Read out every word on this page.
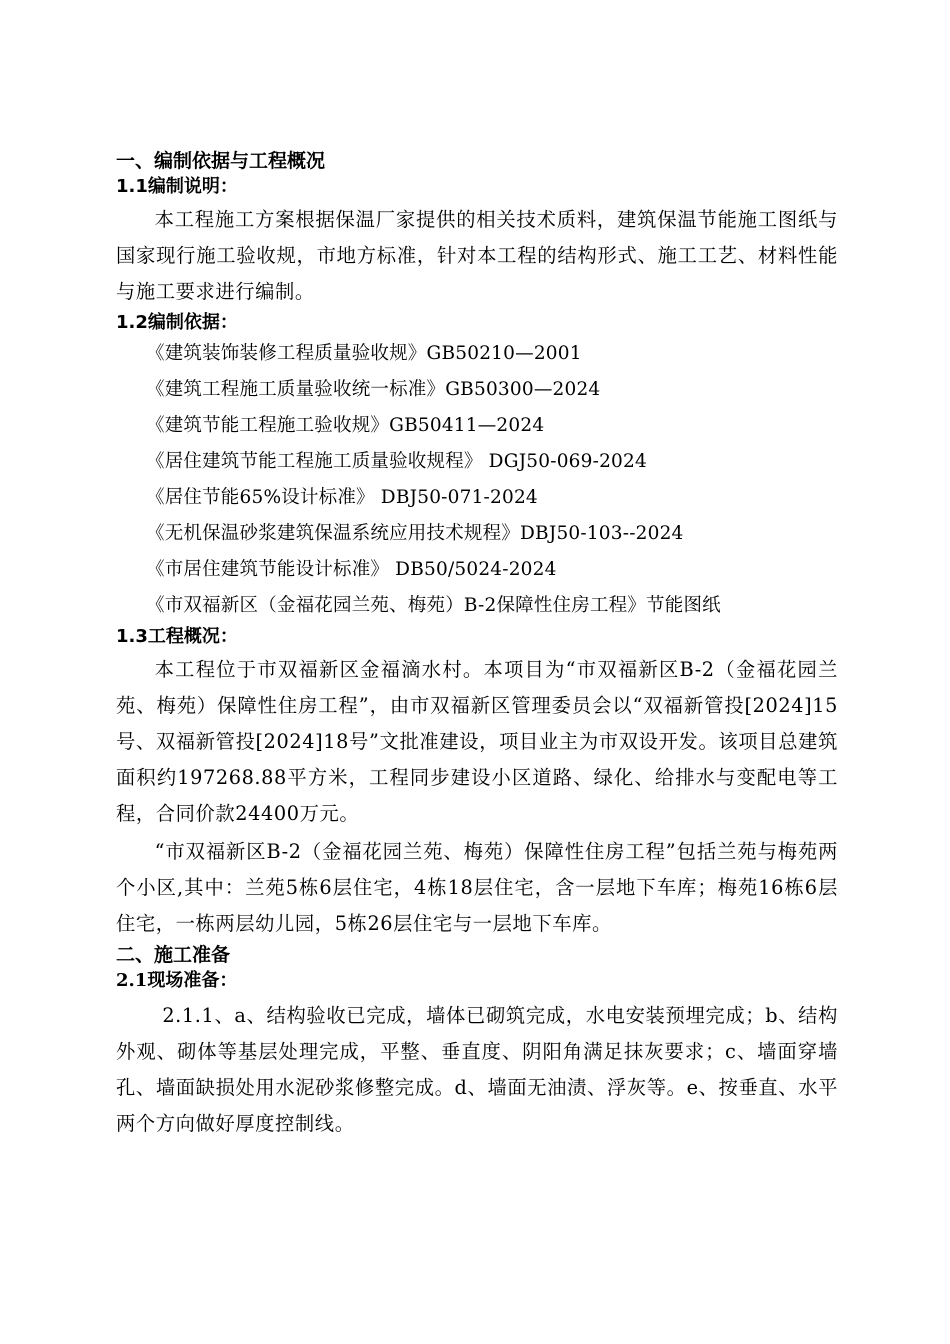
一、编制依据与工程概况
1.1编制说明：

本工程施工方案根据保温厂家提供的相关技术质料，建筑保温节能施工图纸与国家现行施工验收规，市地方标准，针对本工程的结构形式、施工工艺、材料性能与施工要求进行编制。

1.2编制依据：
《建筑装饰装修工程质量验收规》GB50210—2001
《建筑工程施工质量验收统一标准》GB50300—2024
《建筑节能工程施工验收规》GB50411—2024
《居住建筑节能工程施工质量验收规程》 DGJ50-069-2024
《居住节能65%设计标准》 DBJ50-071-2024
《无机保温砂浆建筑保温系统应用技术规程》DBJ50-103--2024
《市居住建筑节能设计标准》 DB50/5024-2024
《市双福新区（金福花园兰苑、梅苑）B-2保障性住房工程》节能图纸
1.3工程概况：

本工程位于市双福新区金福滴水村。本项目为“市双福新区B-2（金福花园兰苑、梅苑）保障性住房工程”，由市双福新区管理委员会以“双福新管投[2024]15号、双福新管投[2024]18号”文批准建设，项目业主为市双设开发。该项目总建筑面积约197268.88平方米，工程同步建设小区道路、绿化、给排水与变配电等工程，合同价款24400万元。

“市双福新区B-2（金福花园兰苑、梅苑）保障性住房工程”包括兰苑与梅苑两个小区,其中：兰苑5栋6层住宅，4栋18层住宅，含一层地下车库；梅苑16栋6层住宅，一栋两层幼儿园，5栋26层住宅与一层地下车库。

二、施工准备
2.1现场准备：

2.1.1、a、结构验收已完成，墙体已砌筑完成，水电安装预埋完成；b、结构外观、砌体等基层处理完成，平整、垂直度、阴阳角满足抹灰要求；c、墙面穿墙孔、墙面缺损处用水泥砂浆修整完成。d、墙面无油渍、浮灰等。e、按垂直、水平两个方向做好厚度控制线。
